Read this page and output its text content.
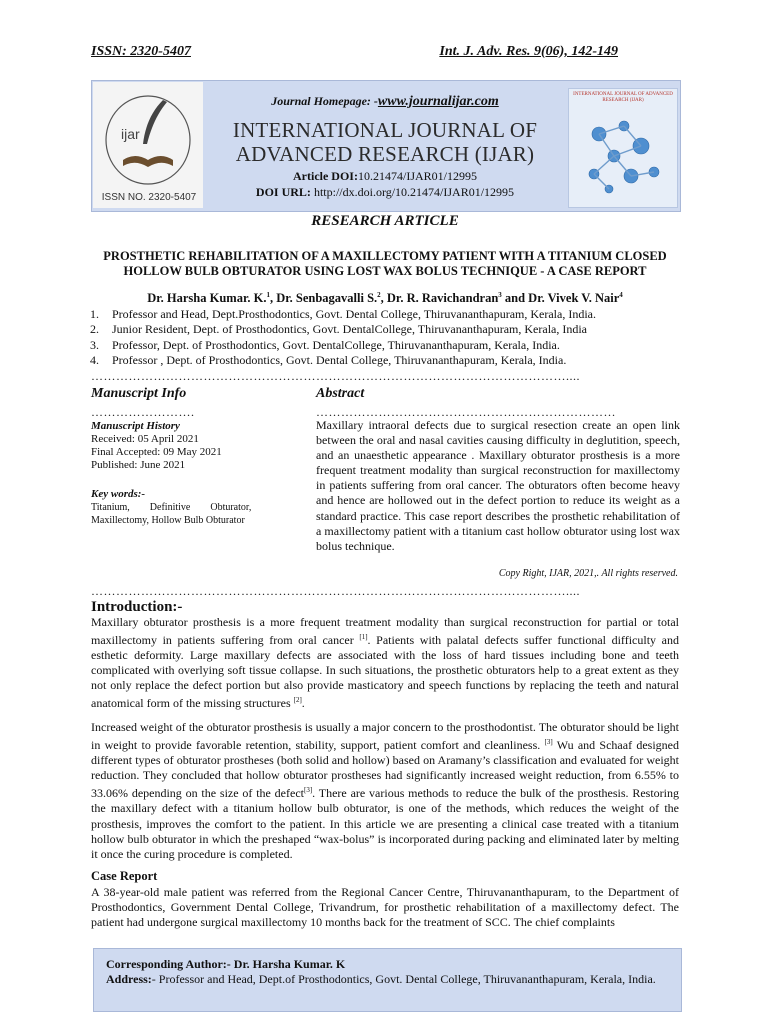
ISSN: 2320-5407	Int. J. Adv. Res. 9(06), 142-149
ijar
ISSN NO. 2320-5407
Journal Homepage: -www.journalijar.com
INTERNATIONAL JOURNAL OF
ADVANCED RESEARCH (IJAR)
Article DOI:10.21474/IJAR01/12995
DOI URL: http://dx.doi.org/10.21474/IJAR01/12995
INTERNATIONAL JOURNAL OF ADVANCED RESEARCH (IJAR)
RESEARCH ARTICLE
PROSTHETIC REHABILITATION OF A MAXILLECTOMY PATIENT WITH A TITANIUM CLOSED
HOLLOW BULB OBTURATOR USING LOST WAX BOLUS TECHNIQUE - A CASE REPORT
Dr. Harsha Kumar. K.$^1$, Dr. Senbagavalli S.$^2$, Dr. R. Ravichandran$^3$ and Dr. Vivek V. Nair$^4$
1. Professor and Head, Dept.Prosthodontics, Govt. Dental College, Thiruvananthapuram, Kerala, India.
2. Junior Resident, Dept. of Prosthodontics, Govt. DentalCollege, Thiruvananthapuram, Kerala, India
3. Professor, Dept. of Prosthodontics, Govt. DentalCollege, Thiruvananthapuram, Kerala, India.
4. Professor , Dept. of Prosthodontics, Govt. Dental College, Thiruvananthapuram, Kerala, India.
……………………………………………………………………………………………………....
Manuscript Info
…………………….
Manuscript History
Received: 05 April 2021
Final Accepted: 09 May 2021
Published: June 2021
Key words:-
Titanium,        Definitive        Obturator,
Maxillectomy, Hollow Bulb Obturator
Abstract
………………………………………………………………
Maxillary intraoral defects due to surgical resection create an open link between the oral and nasal cavities causing difficulty in deglutition, speech, and an unaesthetic appearance . Maxillary obturator prosthesis is a more frequent treatment modality than surgical reconstruction for maxillectomy in patients suffering from oral cancer. The obturators often become heavy and hence are hollowed out in the defect portion to reduce its weight as a standard practice. This case report describes the prosthetic rehabilitation of a maxillectomy patient with a titanium cast hollow obturator using lost wax bolus technique.
Copy Right, IJAR, 2021,. All rights reserved.
……………………………………………………………………………………………………....
Introduction:-
Maxillary obturator prosthesis is a more frequent treatment modality than surgical reconstruction for partial or total maxillectomy in patients suffering from oral cancer [1]. Patients with palatal defects suffer functional difficulty and esthetic deformity. Large maxillary defects are associated with the loss of hard tissues including bone and teeth complicated with overlying soft tissue collapse. In such situations, the prosthetic obturators help to a great extent as they not only replace the defect portion but also provide masticatory and speech functions by replacing the teeth and natural anatomical form of the missing structures [2].
Increased weight of the obturator prosthesis is usually a major concern to the prosthodontist. The obturator should be light in weight to provide favorable retention, stability, support, patient comfort and cleanliness. [3] Wu and Schaaf designed different types of obturator prostheses (both solid and hollow) based on Aramany’s classification and evaluated for weight reduction. They concluded that hollow obturator prostheses had significantly increased weight reduction, from 6.55% to 33.06% depending on the size of the defect[3]. There are various methods to reduce the bulk of the prosthesis. Restoring the maxillary defect with a titanium hollow bulb obturator, is one of the methods, which reduces the weight of the prosthesis, improves the comfort to the patient. In this article we are presenting a clinical case treated with a titanium hollow bulb obturator in which the preshaped “wax-bolus” is incorporated during packing and eliminated later by melting it once the curing procedure is completed.
Case Report
A 38-year-old male patient was referred from the Regional Cancer Centre, Thiruvananthapuram, to the Department of Prosthodontics, Government Dental College, Trivandrum, for prosthetic rehabilitation of a maxillectomy defect. The patient had undergone surgical maxillectomy 10 months back for the treatment of SCC. The chief complaints
Corresponding Author:- Dr. Harsha Kumar. K
Address:- Professor and Head, Dept.of Prosthodontics, Govt. Dental College, Thiruvananthapuram, Kerala, India.
